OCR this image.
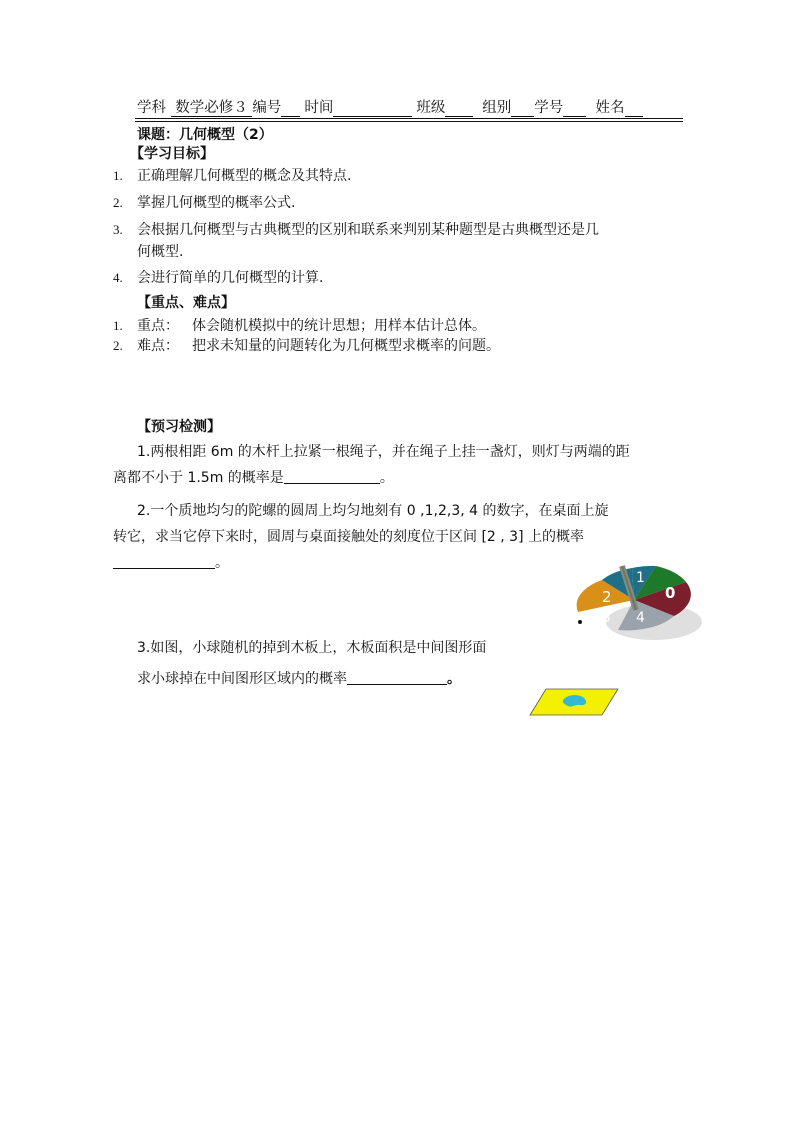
学科 数学必修３ 编号 时间	班级	组别 学号 姓名
课题：几何概型（2）
【学习目标】
1. 正确理解几何概型的概念及其特点.
2. 掌握几何概型的概率公式.
3. 会根据几何概型与古典概型的区别和联系来判别某种题型是古典概型还是几
何概型.
4. 会进行简单的几何概型的计算.
【重点、难点】
1. 重点： 体会随机模拟中的统计思想；用样本估计总体。
2. 难点： 把求未知量的问题转化为几何概型求概率的问题。
【预习检测】
1.两根相距 6m 的木杆上拉紧一根绳子，并在绳子上挂一盏灯，则灯与两端的距
离都不小于 1.5m 的概率是	。
2.一个质地均匀的陀螺的圆周上均匀地刻有 0 ,1,2,3, 4 的数字，在桌面上旋
转它，求当它停下来时，圆周与桌面接触处的刻度位于区间 [2 , 3] 上的概率
。
3.如图，小球随机的掉到木板上，木板面积是中间图形面
求小球掉在中间图形区域内的概率	。
1
0
2
3 4
